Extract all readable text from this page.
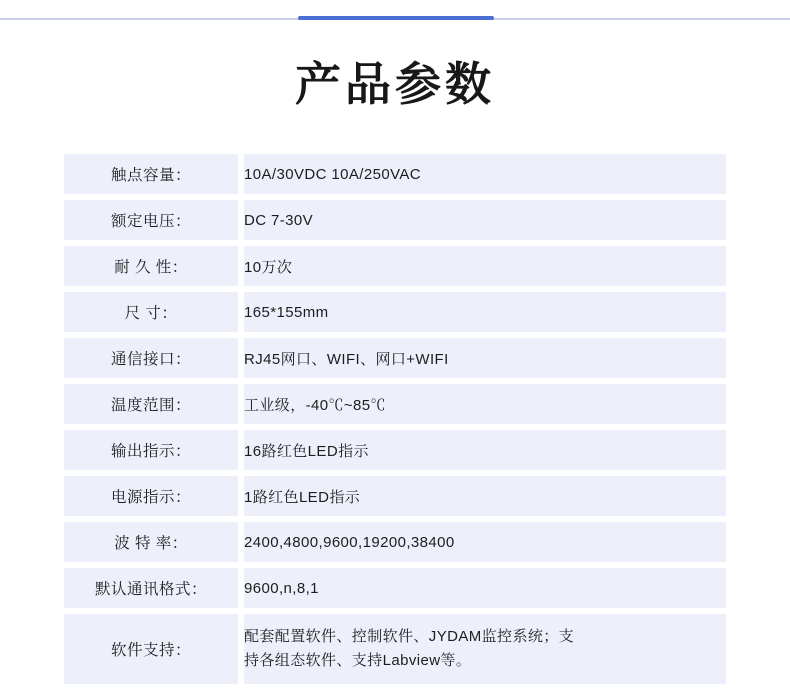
产品参数
触点容量：		10A/30VDC 10A/250VAC
额定电压：		DC 7-30V
耐 久 性：		10万次
尺 寸：		165*155mm
通信接口：		RJ45网口、WIFI、网口+WIFI
温度范围：		工业级，-40℃~85℃
输出指示：		16路红色LED指示
电源指示：		1路红色LED指示
波 特 率：		2400,4800,9600,19200,38400
默认通讯格式：		9600,n,8,1
软件支持：		配套配置软件、控制软件、JYDAM监控系统；支
持各组态软件、支持Labview等。
